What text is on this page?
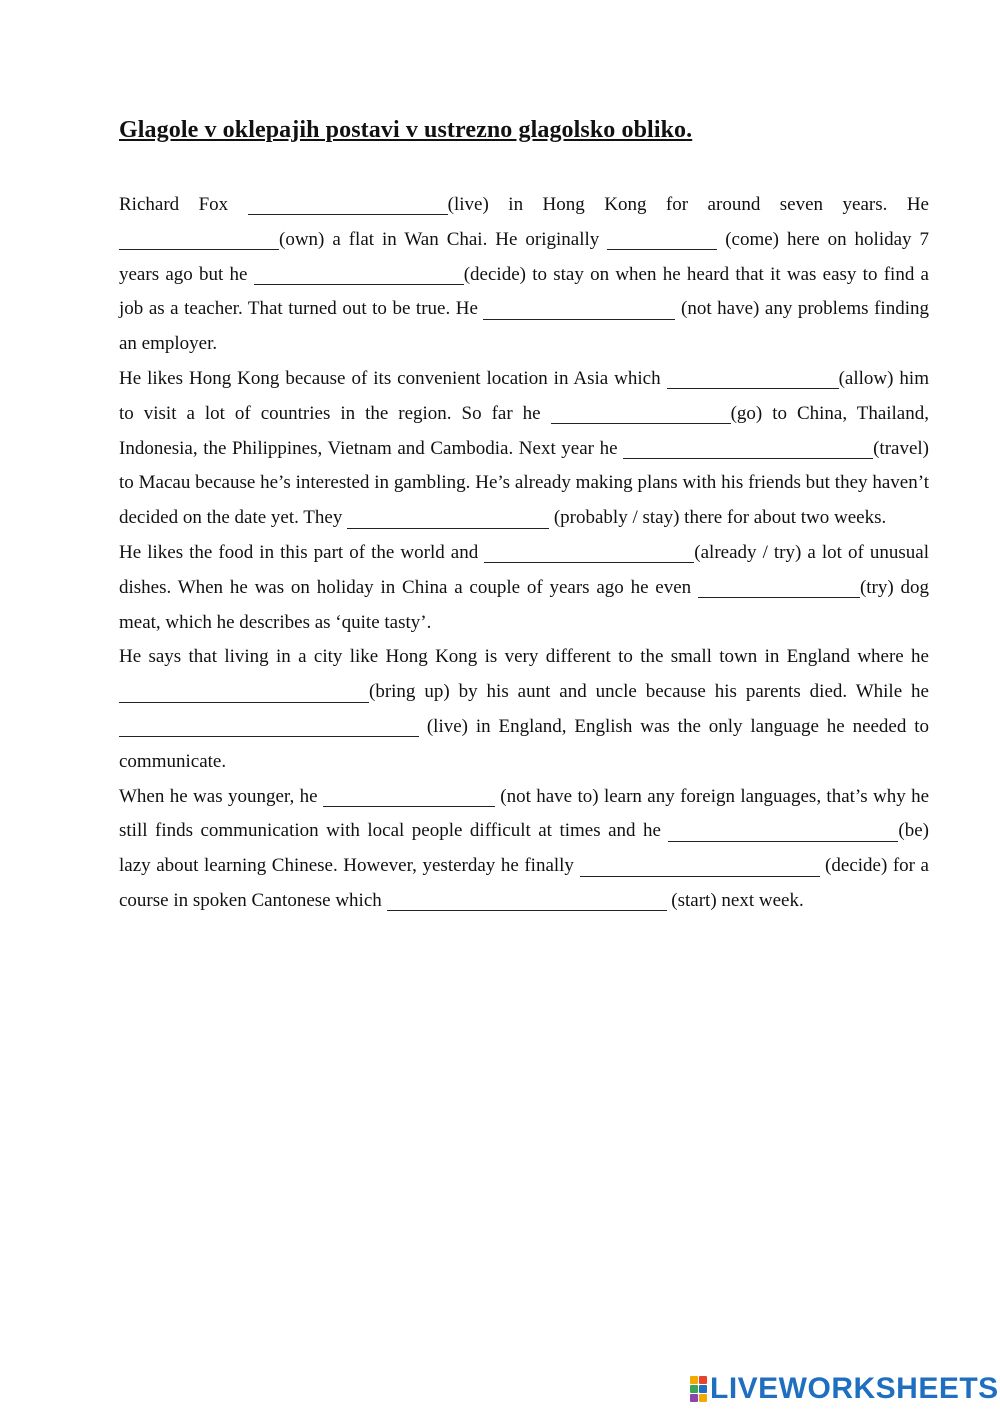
Glagole v oklepajih postavi v ustrezno glagolsko obliko.

Richard Fox	(live) in Hong Kong for around seven years. He (own) a flat in Wan Chai. He originally	(come) here on holiday 7 years ago but he	(decide) to stay on when he heard that it was easy to find a job as a teacher. That turned out to be true. He	(not have) any problems finding an employer.

He likes Hong Kong because of its convenient location in Asia which	(allow) him to visit a lot of countries in the region. So far he	(go) to China, Thailand, Indonesia, the Philippines, Vietnam and Cambodia. Next year he	(travel) to Macau because he’s interested in gambling. He’s already making plans with his friends but they haven’t decided on the date yet. They	(probably / stay) there for about two weeks.

He likes the food in this part of the world and	(already / try) a lot of unusual dishes. When he was on holiday in China a couple of years ago he even	(try) dog meat, which he describes as ‘quite tasty’.

He says that living in a city like Hong Kong is very different to the small town in England where he (bring up) by his aunt and uncle because his parents died. While he  (live) in England, English was the only language he needed to communicate.

When he was younger, he	(not have to) learn any foreign languages, that’s why he still finds communication with local people difficult at times and he	(be) lazy about learning Chinese. However, yesterday he finally	(decide) for a course in spoken Cantonese which	(start) next week.

LIVEWORKSHEETS
